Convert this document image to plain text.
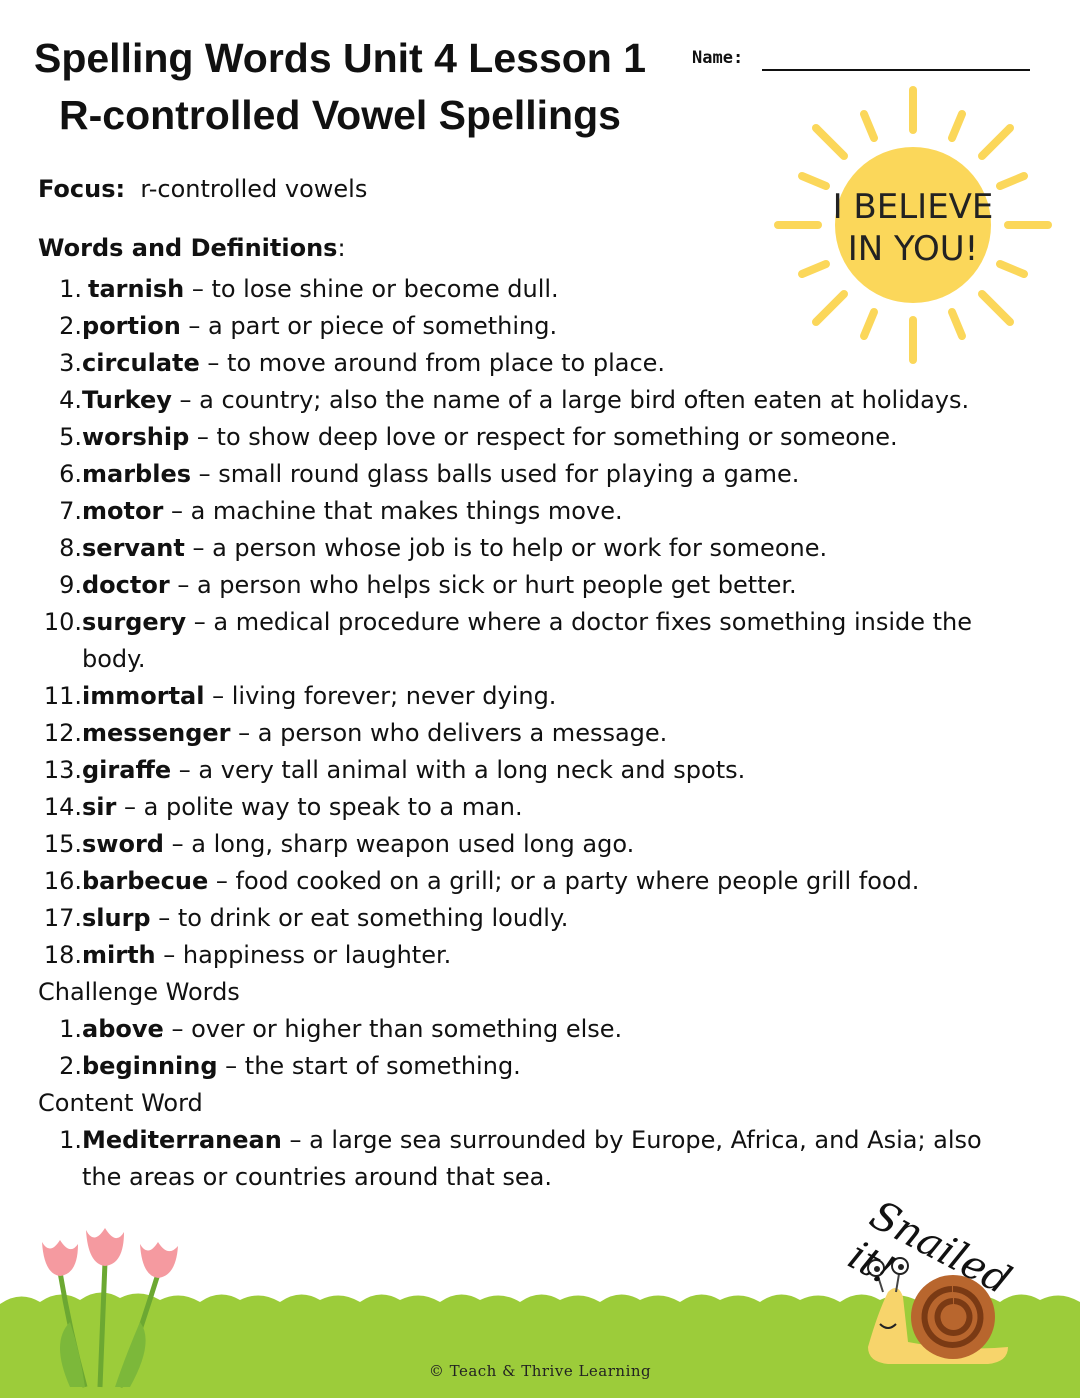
Spelling Words Unit 4 Lesson 1
R-controlled Vowel Spellings
Name:
I BELIEVE
IN YOU!

Focus: r-controlled vowels

Words and Definitions:

1. tarnish – to lose shine or become dull.
2. portion – a part or piece of something.
3. circulate – to move around from place to place.
4. Turkey – a country; also the name of a large bird often eaten at holidays.
5. worship – to show deep love or respect for something or someone.
6. marbles – small round glass balls used for playing a game.
7. motor – a machine that makes things move.
8. servant – a person whose job is to help or work for someone.
9. doctor – a person who helps sick or hurt people get better.
10. surgery – a medical procedure where a doctor fixes something inside the body.
11. immortal – living forever; never dying.
12. messenger – a person who delivers a message.
13. giraffe – a very tall animal with a long neck and spots.
14. sir – a polite way to speak to a man.
15. sword – a long, sharp weapon used long ago.
16. barbecue – food cooked on a grill; or a party where people grill food.
17. slurp – to drink or eat something loudly.
18. mirth – happiness or laughter.
Challenge Words
1. above – over or higher than something else.
2. beginning – the start of something.
Content Word
1. Mediterranean – a large sea surrounded by Europe, Africa, and Asia; also the areas or countries around that sea.
Snailed it!
© Teach & Thrive Learning
